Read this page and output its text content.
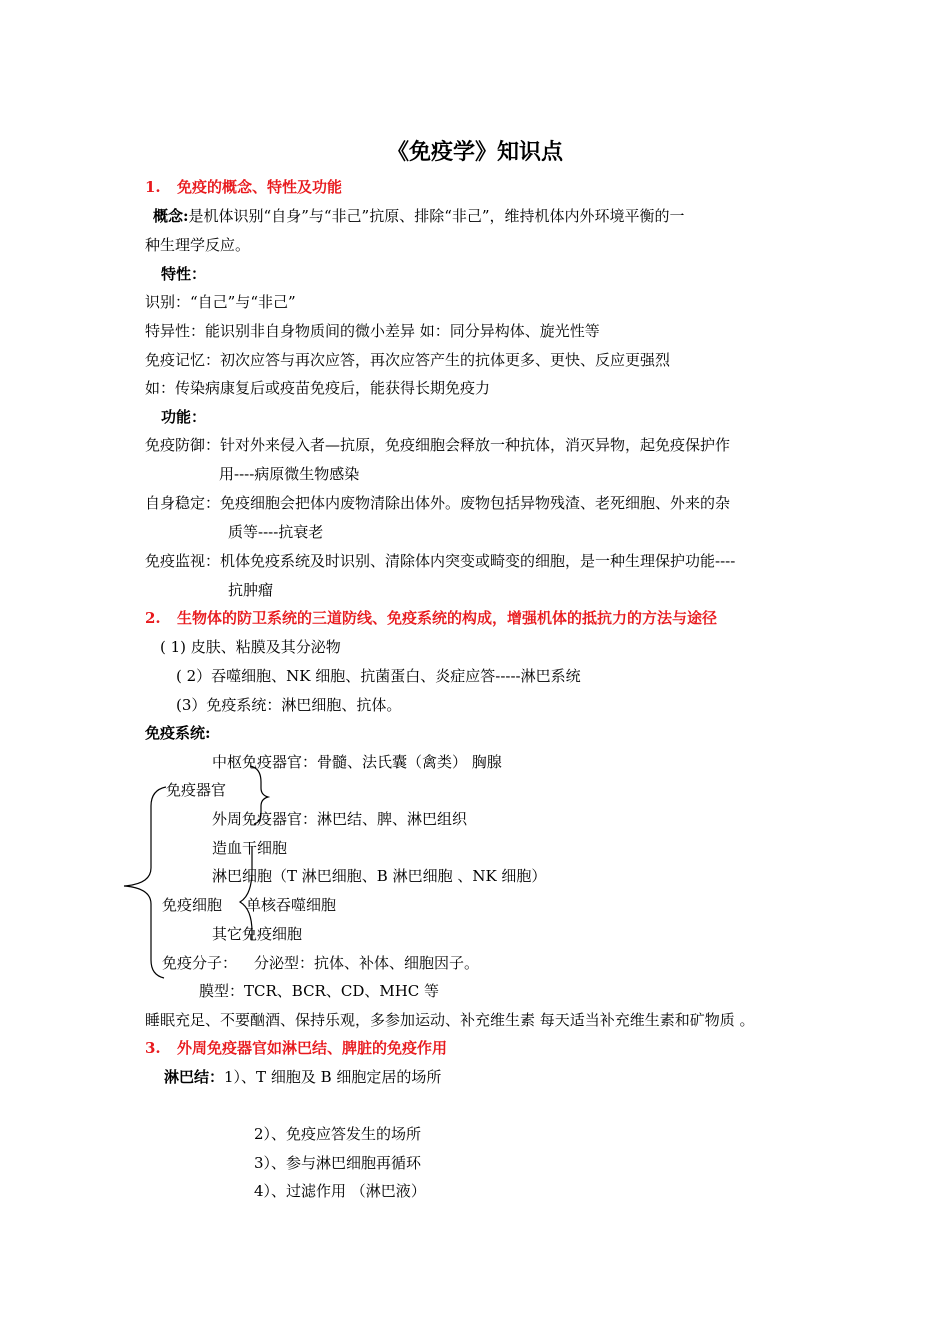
《免疫学》知识点
1. 免疫的概念、特性及功能
概念:是机体识别“自身”与“非己”抗原、排除“非己”，维持机体内外环境平衡的一
种生理学反应。
特性：
识别：“自己”与“非己”
特异性：能识别非自身物质间的微小差异 如：同分异构体、旋光性等
免疫记忆：初次应答与再次应答，再次应答产生的抗体更多、更快、反应更强烈
如：传染病康复后或疫苗免疫后，能获得长期免疫力
功能：
免疫防御：针对外来侵入者—抗原，免疫细胞会释放一种抗体，消灭异物，起免疫保护作
用----病原微生物感染
自身稳定：免疫细胞会把体内废物清除出体外。废物包括异物残渣、老死细胞、外来的杂
质等----抗衰老
免疫监视：机体免疫系统及时识别、清除体内突变或畸变的细胞，是一种生理保护功能----
抗肿瘤
2. 生物体的防卫系统的三道防线、免疫系统的构成，增强机体的抵抗力的方法与途径
( 1) 皮肤、粘膜及其分泌物
( 2）吞噬细胞、NK 细胞、抗菌蛋白、炎症应答-----淋巴系统
(3）免疫系统：淋巴细胞、抗体。
免疫系统:
中枢免疫器官：骨髓、法氏囊（禽类） 胸腺
免疫器官
外周免疫器官：淋巴结、脾、淋巴组织
造血干细胞
淋巴细胞（T 淋巴细胞、B 淋巴细胞 、NK 细胞）
免疫细胞 单核吞噬细胞
其它免疫细胞
免疫分子： 分泌型：抗体、补体、细胞因子。
膜型：TCR、BCR、CD、MHC 等
睡眠充足、不要酗酒、保持乐观，多参加运动、补充维生素 每天适当补充维生素和矿物质 。
3. 外周免疫器官如淋巴结、脾脏的免疫作用
淋巴结：1）、T 细胞及 B 细胞定居的场所
2）、免疫应答发生的场所
3）、参与淋巴细胞再循环
4）、过滤作用 （淋巴液）
